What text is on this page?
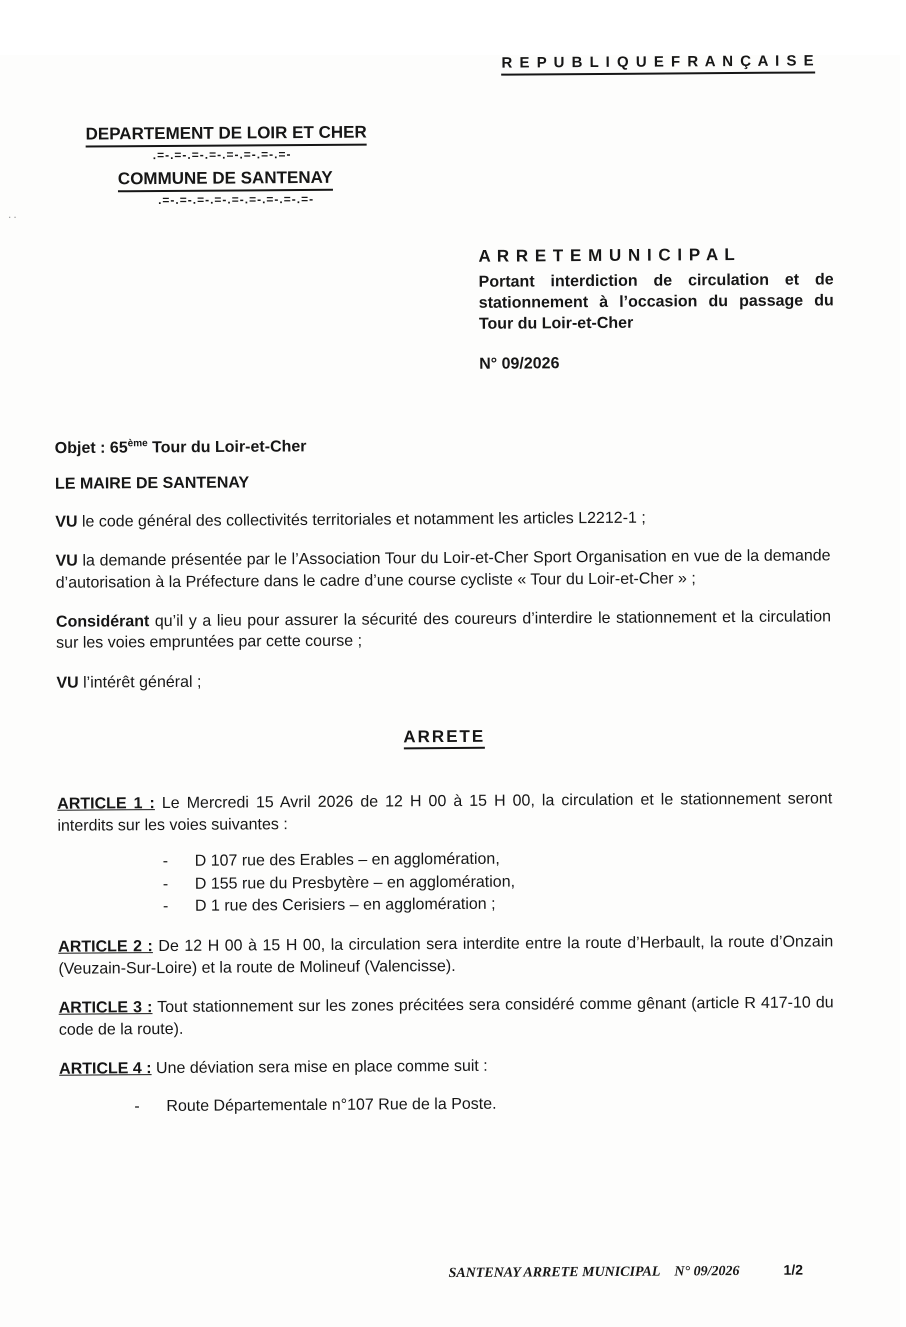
..
R E P U B L I Q U E F R A N Ç A I S E
DEPARTEMENT DE LOIR ET CHER
.=-.=-.=-.=-.=-.=-.=-.=-
COMMUNE DE SANTENAY
.=-.=-.=-.=-.=-.=-.=-.=-.=-
A R R E T E M U N I C I P A L
Portant interdiction de circulation et de stationnement à l’occasion du passage du Tour du Loir-et-Cher
N° 09/2026
Objet : 65ème Tour du Loir-et-Cher
LE MAIRE DE SANTENAY

VU le code général des collectivités territoriales et notamment les articles L2212-1 ;

VU la demande présentée par le l’Association Tour du Loir-et-Cher Sport Organisation en vue de la demande d’autorisation à la Préfecture dans le cadre d’une course cycliste « Tour du Loir-et-Cher » ;

Considérant qu’il y a lieu pour assurer la sécurité des coureurs d’interdire le stationnement et la circulation sur les voies empruntées par cette course ;

VU l’intérêt général ;

ARRETE

ARTICLE 1 : Le Mercredi 15 Avril 2026 de 12 H 00 à 15 H 00, la circulation et le stationnement seront interdits sur les voies suivantes :

-	D 107 rue des Erables – en agglomération,
-	D 155 rue du Presbytère – en agglomération,
-	D 1 rue des Cerisiers – en agglomération ;

ARTICLE 2 : De 12 H 00 à 15 H 00, la circulation sera interdite entre la route d’Herbault, la route d’Onzain (Veuzain-Sur-Loire) et la route de Molineuf (Valencisse).

ARTICLE 3 : Tout stationnement sur les zones précitées sera considéré comme gênant (article R 417-10 du code de la route).

ARTICLE 4 : Une déviation sera mise en place comme suit :

-	Route Départementale n°107 Rue de la Poste.
SANTENAY ARRETE MUNICIPAL N° 09/2026	1/2
